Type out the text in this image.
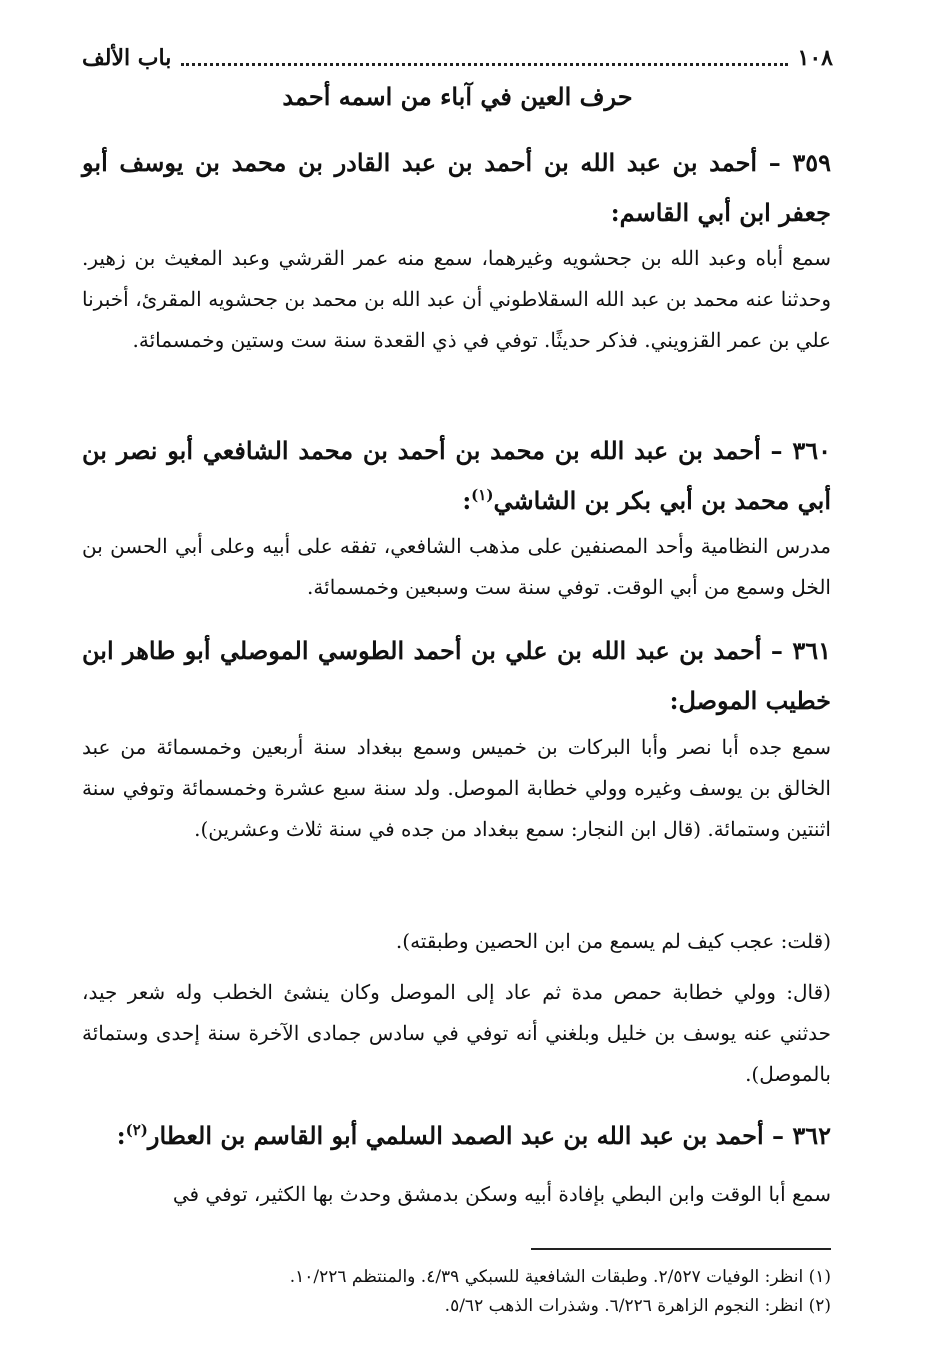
١٠٨
باب الألف
حرف العين في آباء من اسمه أحمد
٣٥٩ – أحمد بن عبد الله بن أحمد بن عبد القادر بن محمد بن يوسف أبو جعفر ابن أبي القاسم:
سمع أباه وعبد الله بن جحشويه وغيرهما، سمع منه عمر القرشي وعبد المغيث بن زهير. وحدثنا عنه محمد بن عبد الله السقلاطوني أن عبد الله بن محمد بن جحشويه المقرئ، أخبرنا علي بن عمر القزويني. فذكر حديثًا. توفي في ذي القعدة سنة ست وستين وخمسمائة.
٣٦٠ – أحمد بن عبد الله بن محمد بن أحمد بن محمد الشافعي أبو نصر بن أبي محمد بن أبي بكر بن الشاشي$^{(١)}$:
مدرس النظامية وأحد المصنفين على مذهب الشافعي، تفقه على أبيه وعلى أبي الحسن بن الخل وسمع من أبي الوقت. توفي سنة ست وسبعين وخمسمائة.
٣٦١ – أحمد بن عبد الله بن علي بن أحمد الطوسي الموصلي أبو طاهر ابن خطيب الموصل:
سمع جده أبا نصر وأبا البركات بن خميس وسمع ببغداد سنة أربعين وخمسمائة من عبد الخالق بن يوسف وغيره وولي خطابة الموصل. ولد سنة سبع عشرة وخمسمائة وتوفي سنة اثنتين وستمائة. (قال ابن النجار: سمع ببغداد من جده في سنة ثلاث وعشرين).
(قلت: عجب كيف لم يسمع من ابن الحصين وطبقته).
(قال: وولي خطابة حمص مدة ثم عاد إلى الموصل وكان ينشئ الخطب وله شعر جيد، حدثني عنه يوسف بن خليل وبلغني أنه توفي في سادس جمادى الآخرة سنة إحدى وستمائة بالموصل).
٣٦٢ – أحمد بن عبد الله بن عبد الصمد السلمي أبو القاسم بن العطار$^{(٢)}$:
سمع أبا الوقت وابن البطي بإفادة أبيه وسكن بدمشق وحدث بها الكثير، توفي في
(١) انظر: الوفيات ٢/٥٢٧. وطبقات الشافعية للسبكي ٤/٣٩. والمنتظم ١٠/٢٢٦.
(٢) انظر: النجوم الزاهرة ٦/٢٢٦. وشذرات الذهب ٥/٦٢.
